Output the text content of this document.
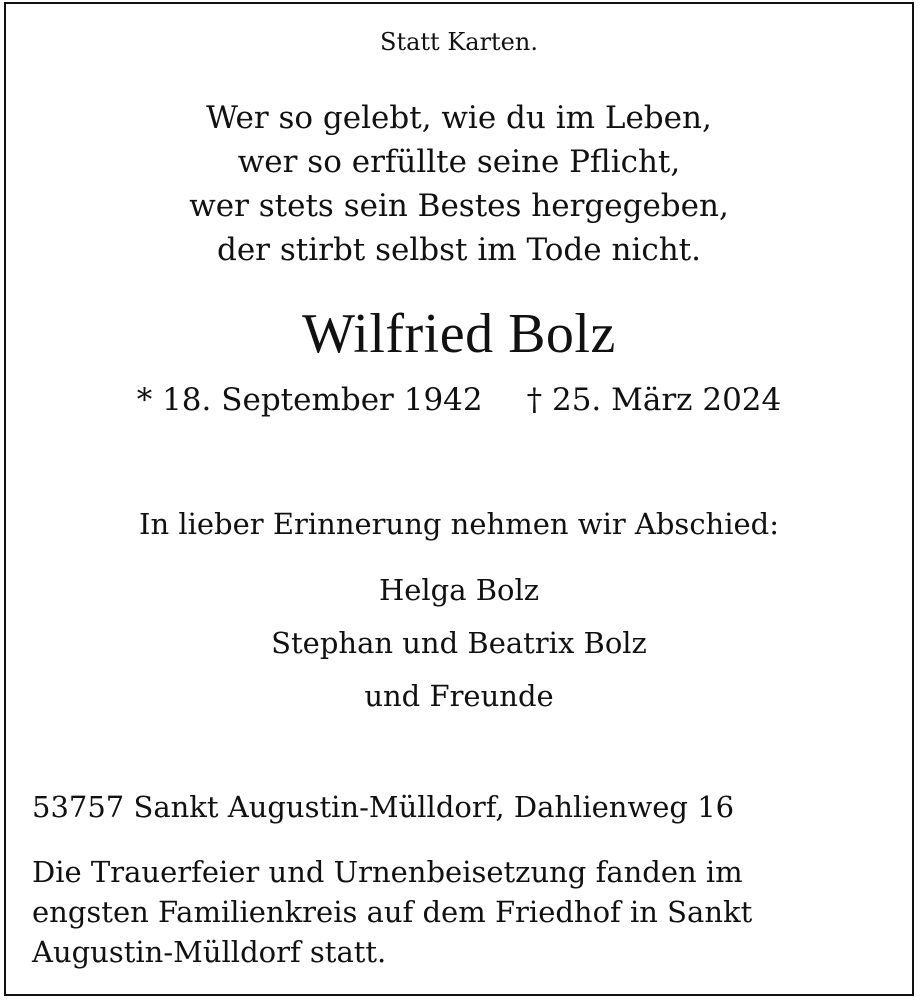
Statt Karten.
Wer so gelebt, wie du im Leben,
wer so erfüllte seine Pflicht,
wer stets sein Bestes hergegeben,
der stirbt selbst im Tode nicht.
Wilfried Bolz
* 18. September 1942 † 25. März 2024
In lieber Erinnerung nehmen wir Abschied:
Helga Bolz
Stephan und Beatrix Bolz
und Freunde
53757 Sankt Augustin-Mülldorf, Dahlienweg 16
Die Trauerfeier und Urnenbeisetzung fanden im
engsten Familienkreis auf dem Friedhof in Sankt
Augustin-Mülldorf statt.
